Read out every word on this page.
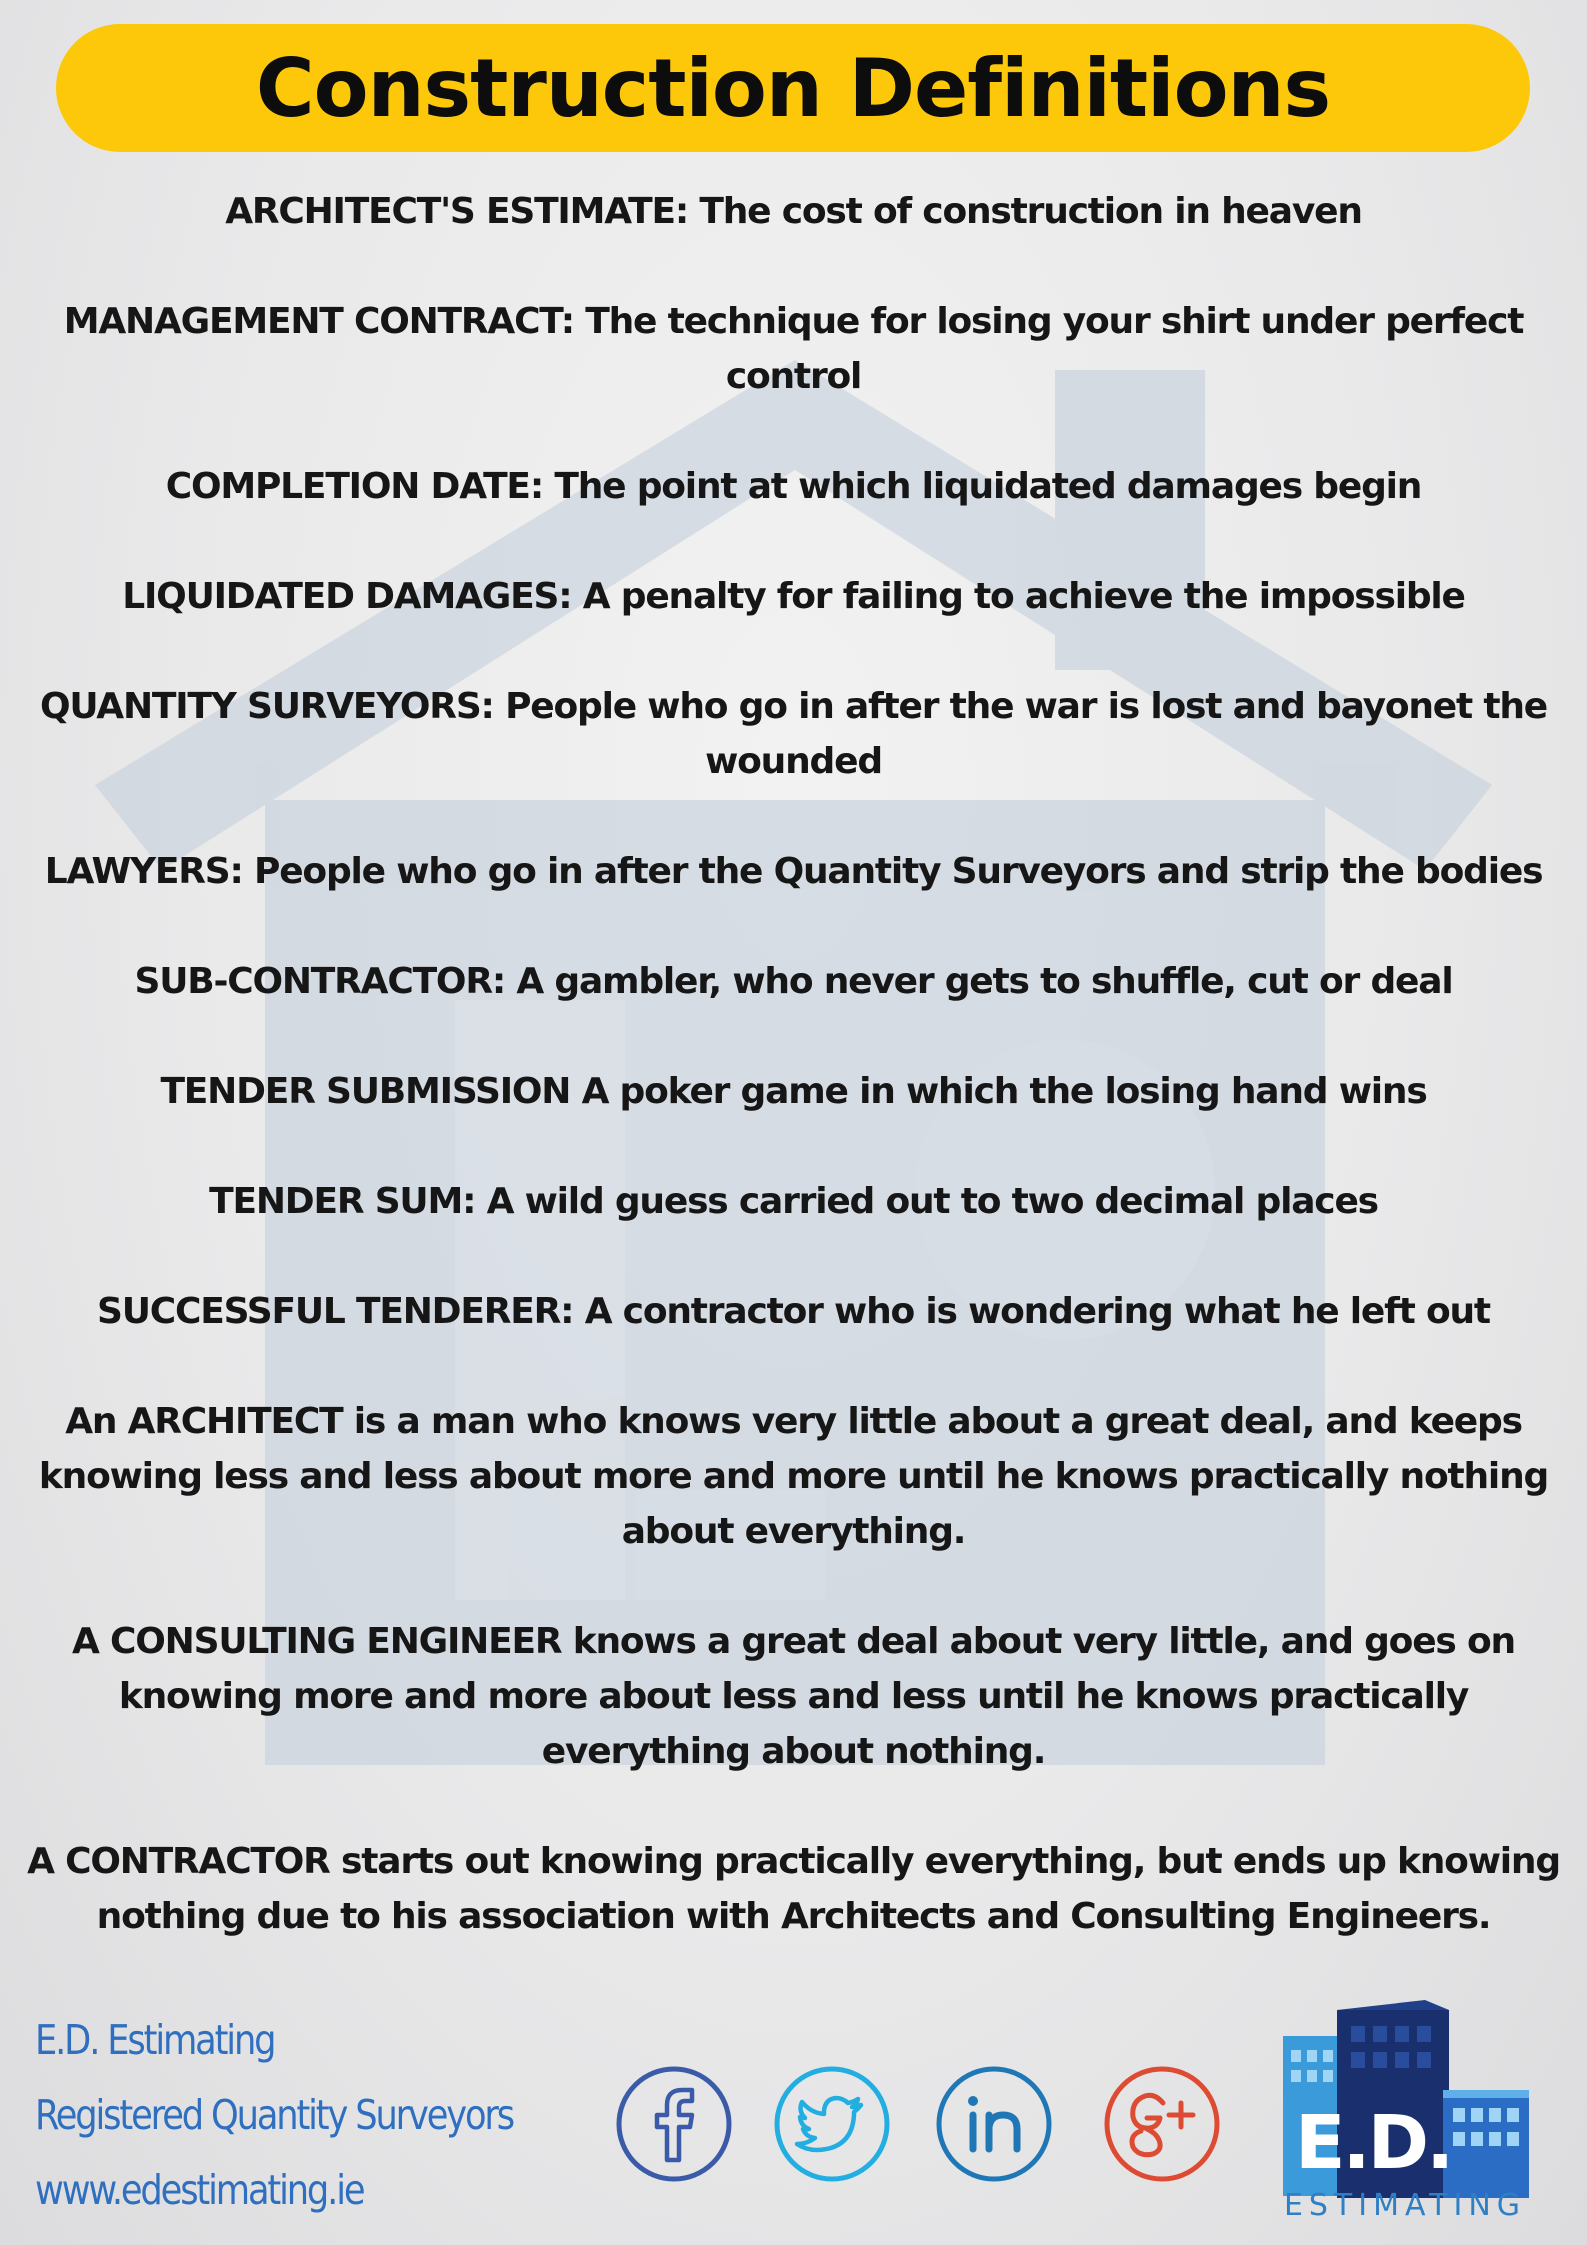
Construction Definitions

ARCHITECT'S ESTIMATE: The cost of construction in heaven

MANAGEMENT CONTRACT: The technique for losing your shirt under perfect control

COMPLETION DATE: The point at which liquidated damages begin

LIQUIDATED DAMAGES: A penalty for failing to achieve the impossible

QUANTITY SURVEYORS: People who go in after the war is lost and bayonet the wounded

LAWYERS: People who go in after the Quantity Surveyors and strip the bodies

SUB-CONTRACTOR: A gambler, who never gets to shuffle, cut or deal

TENDER SUBMISSION A poker game in which the losing hand wins

TENDER SUM: A wild guess carried out to two decimal places

SUCCESSFUL TENDERER: A contractor who is wondering what he left out

An ARCHITECT is a man who knows very little about a great deal, and keeps knowing less and less about more and more until he knows practically nothing about everything.

A CONSULTING ENGINEER knows a great deal about very little, and goes on knowing more and more about less and less until he knows practically everything about nothing.

A CONTRACTOR starts out knowing practically everything, but ends up knowing nothing due to his association with Architects and Consulting Engineers.

E.D. Estimating
Registered Quantity Surveyors
www.edestimating.ie
E.D.
ESTIMATING
